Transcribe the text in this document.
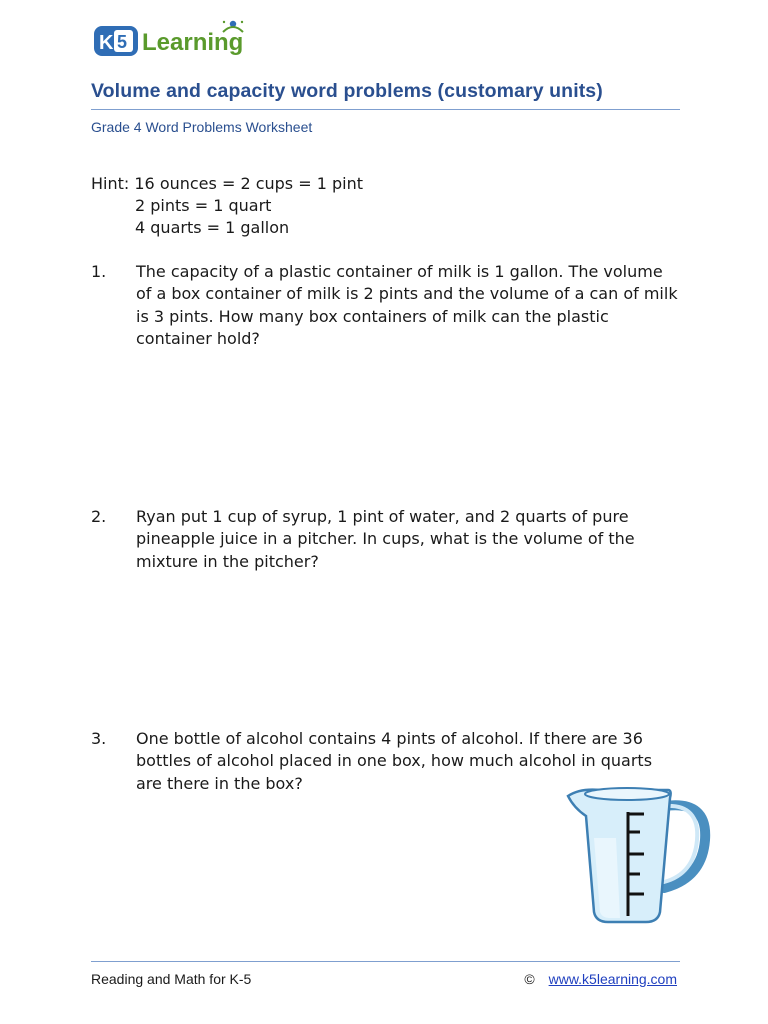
K 5 Learning
Volume and capacity word problems (customary units)
Grade 4 Word Problems Worksheet
Hint: 16 ounces = 2 cups = 1 pint
2 pints = 1 quart
4 quarts = 1 gallon
1. The capacity of a plastic container of milk is 1 gallon. The volume of a box container of milk is 2 pints and the volume of a can of milk is 3 pints. How many box containers of milk can the plastic container hold?
2. Ryan put 1 cup of syrup, 1 pint of water, and 2 quarts of pure pineapple juice in a pitcher. In cups, what is the volume of the mixture in the pitcher?
3. One bottle of alcohol contains 4 pints of alcohol. If there are 36 bottles of alcohol placed in one box, how much alcohol in quarts are there in the box?
Reading and Math for K-5	© www.k5learning.com
